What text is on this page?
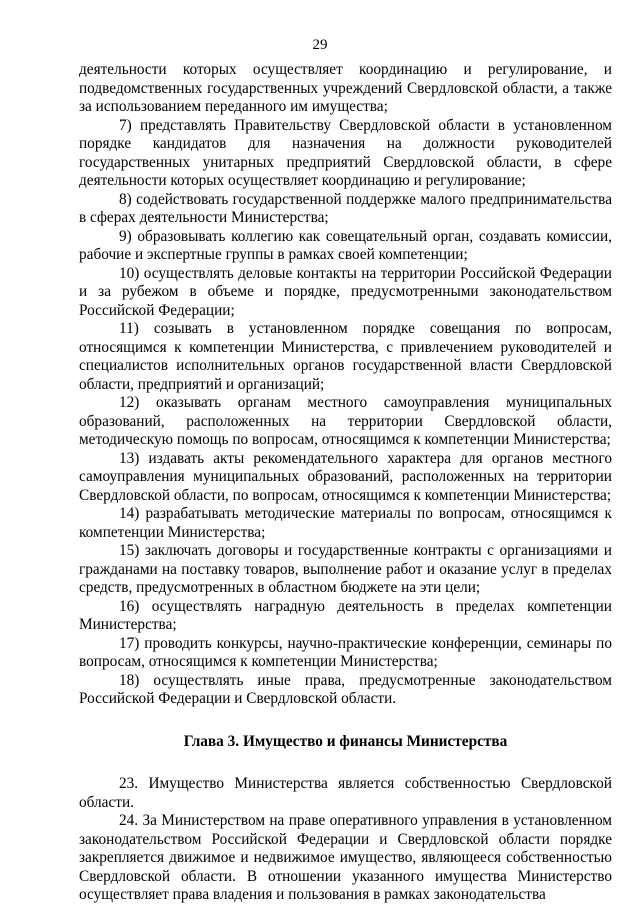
29

деятельности которых осуществляет координацию и регулирование, и подведомственных государственных учреждений Свердловской области, а также за использованием переданного им имущества;

7) представлять Правительству Свердловской области в установленном порядке кандидатов для назначения на должности руководителей государственных унитарных предприятий Свердловской области, в сфере деятельности которых осуществляет координацию и регулирование;

8) содействовать государственной поддержке малого предпринимательства в сферах деятельности Министерства;

9) образовывать коллегию как совещательный орган, создавать комиссии, рабочие и экспертные группы в рамках своей компетенции;

10) осуществлять деловые контакты на территории Российской Федерации и за рубежом в объеме и порядке, предусмотренными законодательством Российской Федерации;

11) созывать в установленном порядке совещания по вопросам, относящимся к компетенции Министерства, с привлечением руководителей и специалистов исполнительных органов государственной власти Свердловской области, предприятий и организаций;

12) оказывать органам местного самоуправления муниципальных образований, расположенных на территории Свердловской области, методическую помощь по вопросам, относящимся к компетенции Министерства;

13) издавать акты рекомендательного характера для органов местного самоуправления муниципальных образований, расположенных на территории Свердловской области, по вопросам, относящимся к компетенции Министерства;

14) разрабатывать методические материалы по вопросам, относящимся к компетенции Министерства;

15) заключать договоры и государственные контракты с организациями и гражданами на поставку товаров, выполнение работ и оказание услуг в пределах средств, предусмотренных в областном бюджете на эти цели;

16) осуществлять наградную деятельность в пределах компетенции Министерства;

17) проводить конкурсы, научно-практические конференции, семинары по вопросам, относящимся к компетенции Министерства;

18) осуществлять иные права, предусмотренные законодательством Российской Федерации и Свердловской области.

Глава 3. Имущество и финансы Министерства

23. Имущество Министерства является собственностью Свердловской области.

24. За Министерством на праве оперативного управления в установленном законодательством Российской Федерации и Свердловской области порядке закрепляется движимое и недвижимое имущество, являющееся собственностью Свердловской области. В отношении указанного имущества Министерство осуществляет права владения и пользования в рамках законодательства
